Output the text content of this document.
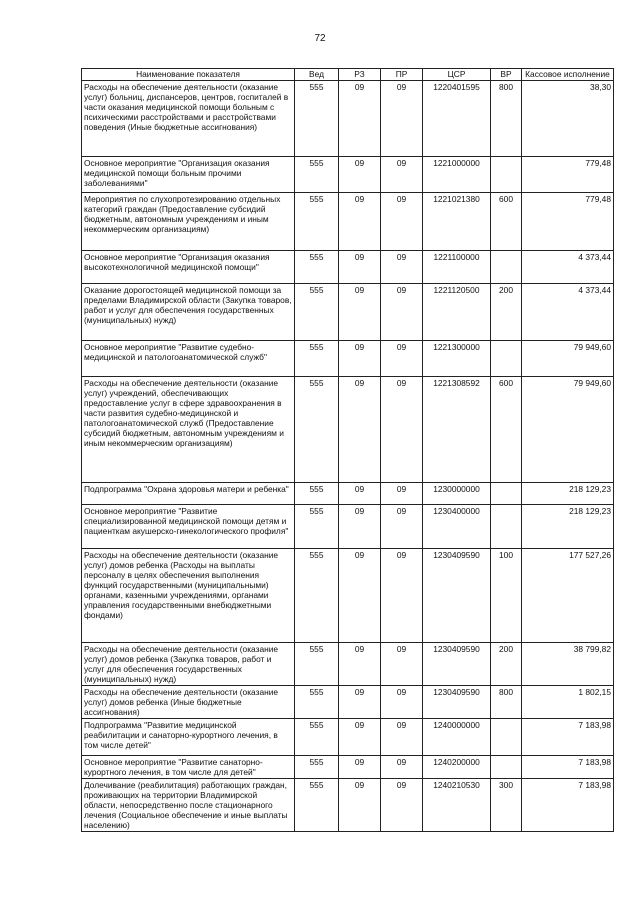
72
Наименование показателя	Вед	РЗ	ПР	ЦСР	ВР	Кассовое исполнение
Расходы на обеспечение деятельности (оказание услуг) больниц, диспансеров, центров, госпиталей в части оказания медицинской помощи больным с психическими расстройствами и расстройствами поведения (Иные бюджетные ассигнования)	555	09	09	1220401595	800	38,30
Основное мероприятие "Организация оказания медицинской помощи больным прочими заболеваниями"	555	09	09	1221000000		779,48
Мероприятия по слухопротезированию отдельных категорий граждан (Предоставление субсидий бюджетным, автономным учреждениям и иным некоммерческим организациям)	555	09	09	1221021380	600	779,48
Основное мероприятие "Организация оказания высокотехнологичной медицинской помощи"	555	09	09	1221100000		4 373,44
Оказание дорогостоящей медицинской помощи за пределами Владимирской области (Закупка товаров, работ и услуг для обеспечения государственных (муниципальных) нужд)	555	09	09	1221120500	200	4 373,44
Основное мероприятие "Развитие судебно-медицинской и патологоанатомической служб"	555	09	09	1221300000		79 949,60
Расходы на обеспечение деятельности (оказание услуг) учреждений, обеспечивающих предоставление услуг в сфере здравоохранения в части развития судебно-медицинской и патологоанатомической служб (Предоставление субсидий бюджетным, автономным учреждениям и иным некоммерческим организациям)	555	09	09	1221308592	600	79 949,60
Подпрограмма "Охрана здоровья матери и ребенка"	555	09	09	1230000000		218 129,23
Основное мероприятие "Развитие специализированной медицинской помощи детям и пациенткам акушерско-гинекологического профиля"	555	09	09	1230400000		218 129,23
Расходы на обеспечение деятельности (оказание услуг) домов ребенка (Расходы на выплаты персоналу в целях обеспечения выполнения функций государственными (муниципальными) органами, казенными учреждениями, органами управления государственными внебюджетными фондами)	555	09	09	1230409590	100	177 527,26
Расходы на обеспечение деятельности (оказание услуг) домов ребенка (Закупка товаров, работ и услуг для обеспечения государственных (муниципальных) нужд)	555	09	09	1230409590	200	38 799,82
Расходы на обеспечение деятельности (оказание услуг) домов ребенка (Иные бюджетные ассигнования)	555	09	09	1230409590	800	1 802,15
Подпрограмма "Развитие медицинской реабилитации и санаторно-курортного лечения, в том числе детей"	555	09	09	1240000000		7 183,98
Основное мероприятие "Развитие санаторно-курортного лечения, в том числе для детей"	555	09	09	1240200000		7 183,98
Долечивание (реабилитация) работающих граждан, проживающих на территории Владимирской области, непосредственно после стационарного лечения (Социальное обеспечение и иные выплаты населению)	555	09	09	1240210530	300	7 183,98
